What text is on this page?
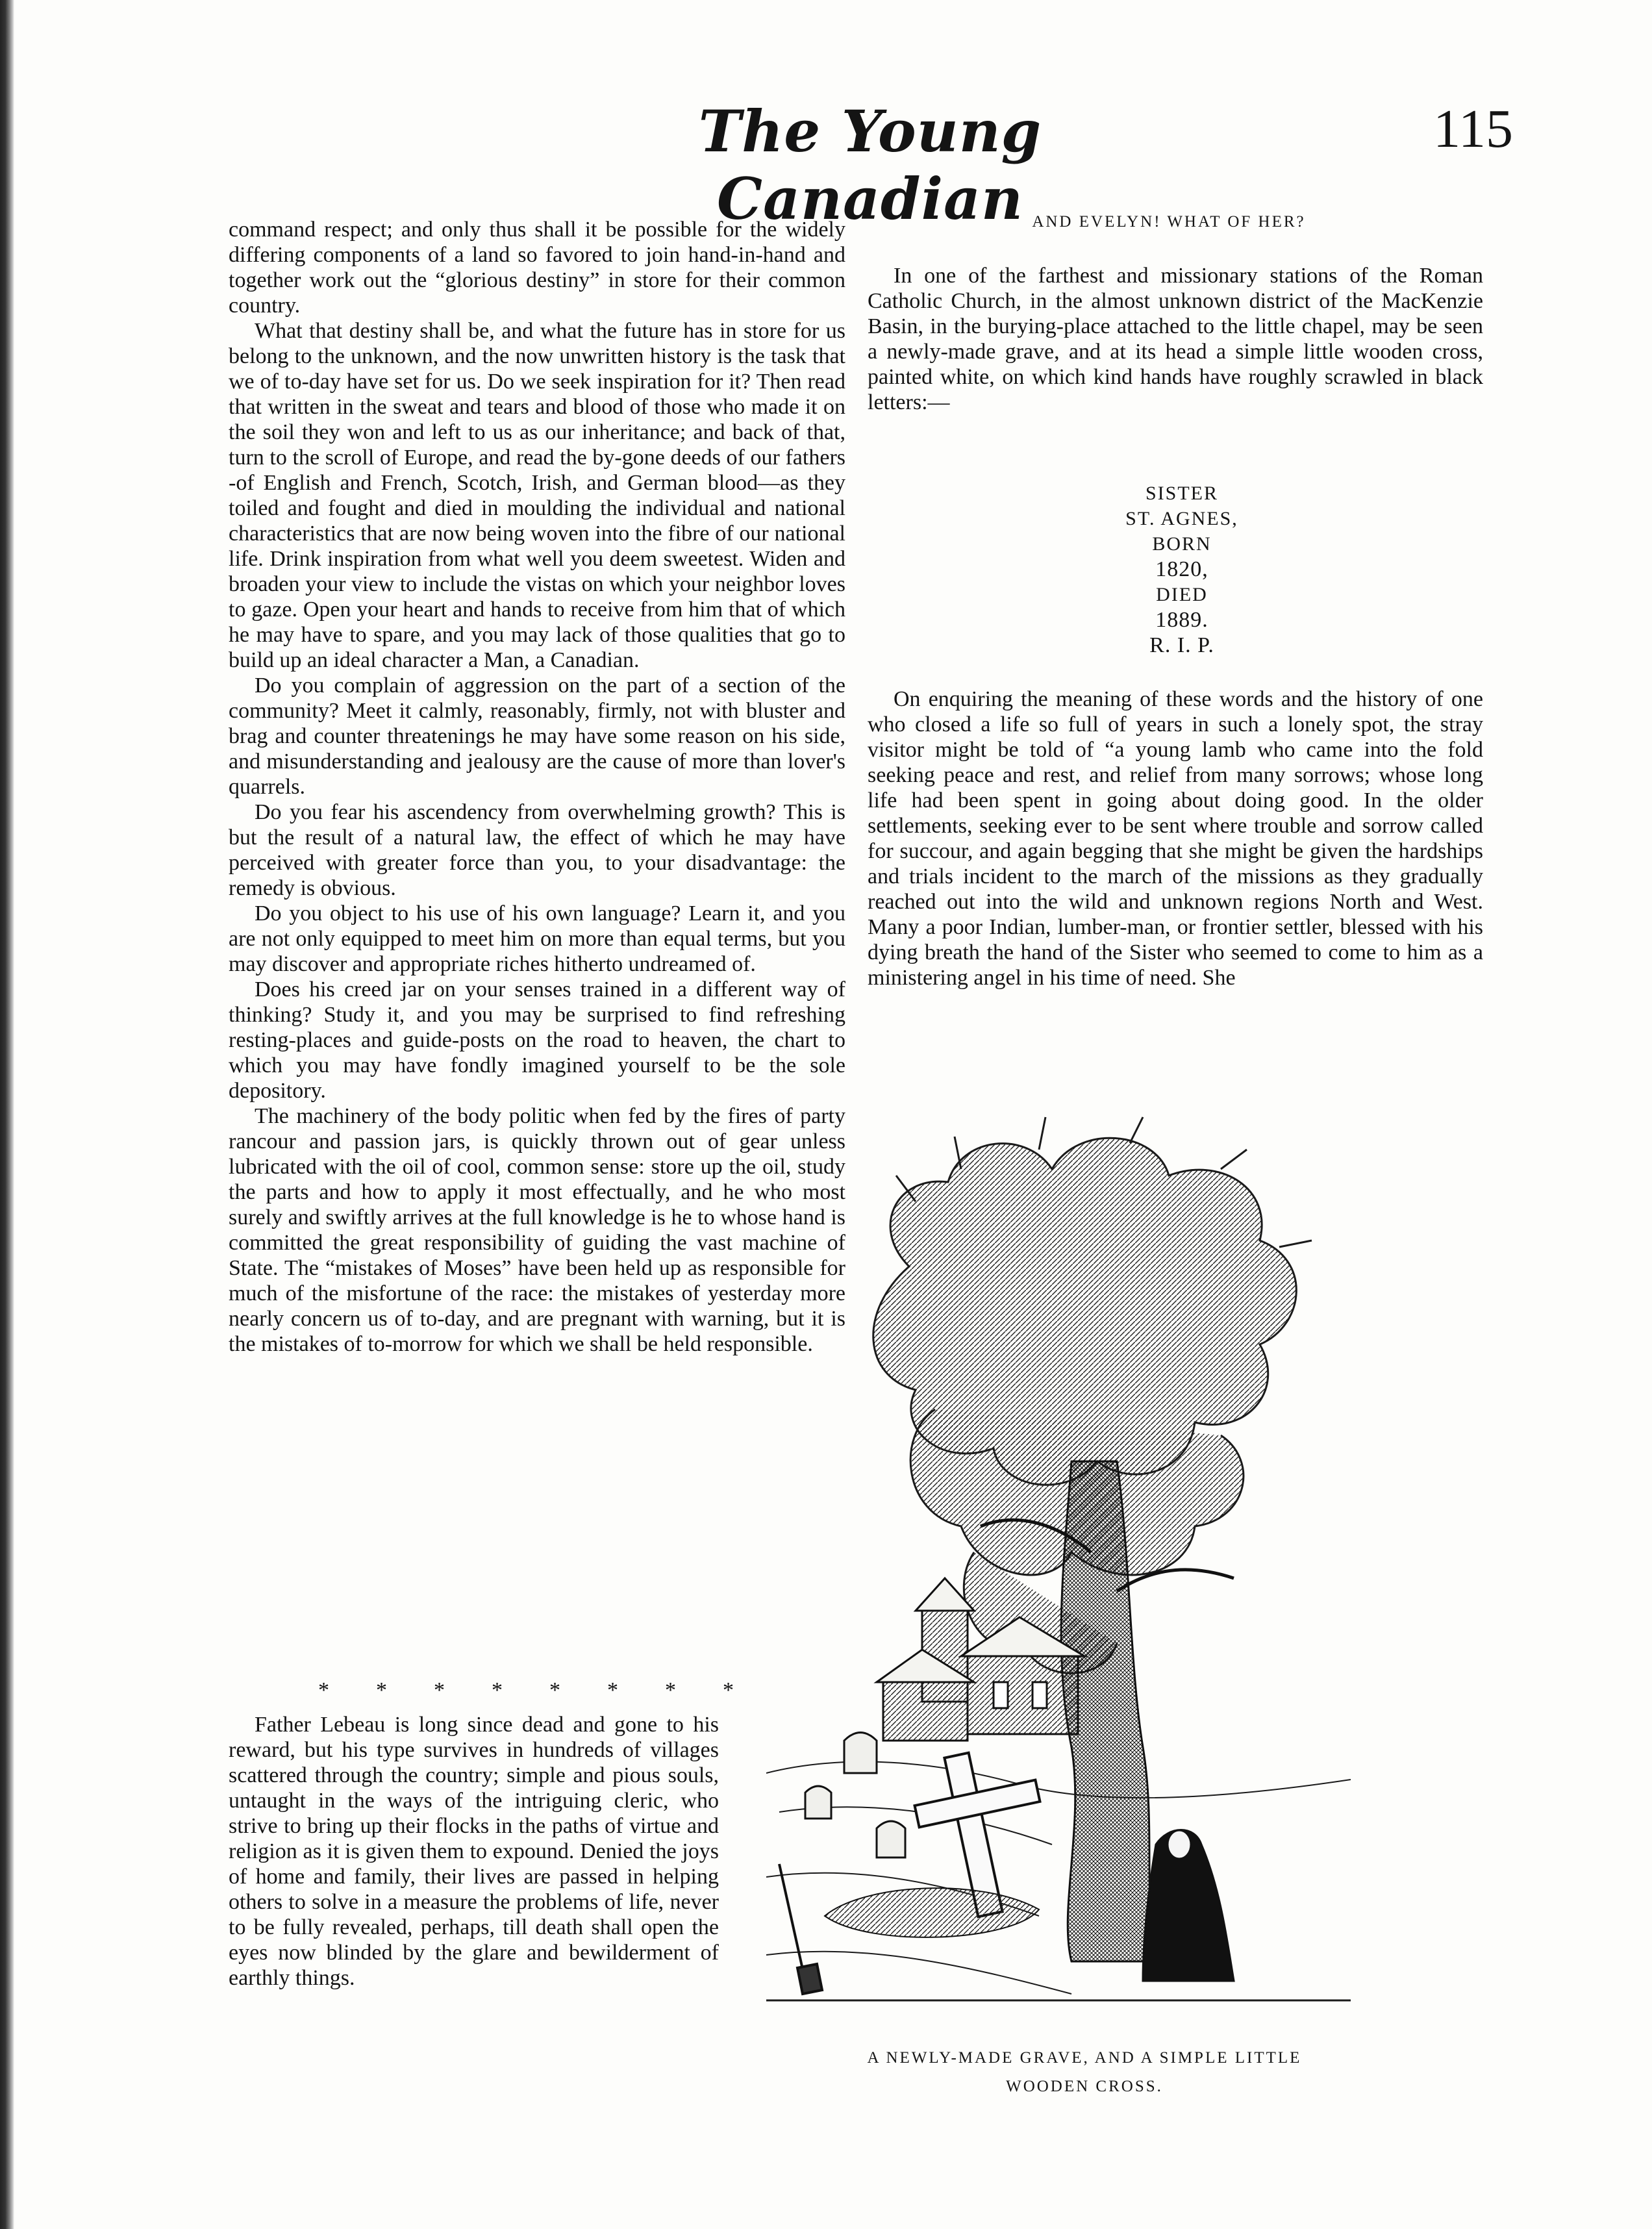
The Young Canadian
115

command respect; and only thus shall it be possible for the widely differing components of a land so favored to join hand-in-hand and together work out the “glorious destiny” in store for their common country.

What that destiny shall be, and what the future has in store for us belong to the unknown, and the now unwritten history is the task that we of to-day have set for us. Do we seek inspiration for it? Then read that written in the sweat and tears and blood of those who made it on the soil they won and left to us as our inheritance; and back of that, turn to the scroll of Europe, and read the by-gone deeds of our fathers -of English and French, Scotch, Irish, and German blood—as they toiled and fought and died in moulding the individual and national characteristics that are now being woven into the fibre of our national life. Drink inspiration from what well you deem sweetest. Widen and broaden your view to include the vistas on which your neighbor loves to gaze. Open your heart and hands to receive from him that of which he may have to spare, and you may lack of those qualities that go to build up an ideal character a Man, a Canadian.

Do you complain of aggression on the part of a section of the community? Meet it calmly, reasonably, firmly, not with bluster and brag and counter threatenings he may have some reason on his side, and misunderstanding and jealousy are the cause of more than lover's quarrels.

Do you fear his ascendency from overwhelming growth? This is but the result of a natural law, the effect of which he may have perceived with greater force than you, to your disadvantage: the remedy is obvious.

Do you object to his use of his own language? Learn it, and you are not only equipped to meet him on more than equal terms, but you may discover and appropriate riches hitherto undreamed of.

Does his creed jar on your senses trained in a different way of thinking? Study it, and you may be surprised to find refreshing resting-places and guide-posts on the road to heaven, the chart to which you may have fondly imagined yourself to be the sole depository.

The machinery of the body politic when fed by the fires of party rancour and passion jars, is quickly thrown out of gear unless lubricated with the oil of cool, common sense: store up the oil, study the parts and how to apply it most effectually, and he who most surely and swiftly arrives at the full knowledge is he to whose hand is committed the great responsibility of guiding the vast machine of State. The “mistakes of Moses” have been held up as responsible for much of the misfortune of the race: the mistakes of yesterday more nearly concern us of to-day, and are pregnant with warning, but it is the mistakes of to-morrow for which we shall be held responsible.

* * * * * * * *

Father Lebeau is long since dead and gone to his reward, but his type survives in hundreds of villages scattered through the country; simple and pious souls, untaught in the ways of the intriguing cleric, who strive to bring up their flocks in the paths of virtue and religion as it is given them to expound. Denied the joys of home and family, their lives are passed in helping others to solve in a measure the problems of life, never to be fully revealed, perhaps, till death shall open the eyes now blinded by the glare and bewilderment of earthly things.

AND EVELYN! WHAT OF HER?

In one of the farthest and missionary stations of the Roman Catholic Church, in the almost unknown district of the MacKenzie Basin, in the burying-place attached to the little chapel, may be seen a newly-made grave, and at its head a simple little wooden cross, painted white, on which kind hands have roughly scrawled in black letters:—

SISTER
ST. AGNES,
BORN
1820,
DIED
1889.
R. I. P.

On enquiring the meaning of these words and the history of one who closed a life so full of years in such a lonely spot, the stray visitor might be told of “a young lamb who came into the fold seeking peace and rest, and relief from many sorrows; whose long life had been spent in going about doing good. In the older settlements, seeking ever to be sent where trouble and sorrow called for succour, and again begging that she might be given the hardships and trials incident to the march of the missions as they gradually reached out into the wild and unknown regions North and West. Many a poor Indian, lumber-man, or frontier settler, blessed with his dying breath the hand of the Sister who seemed to come to him as a ministering angel in his time of need. She

A NEWLY-MADE GRAVE, AND A SIMPLE LITTLE
WOODEN CROSS.
